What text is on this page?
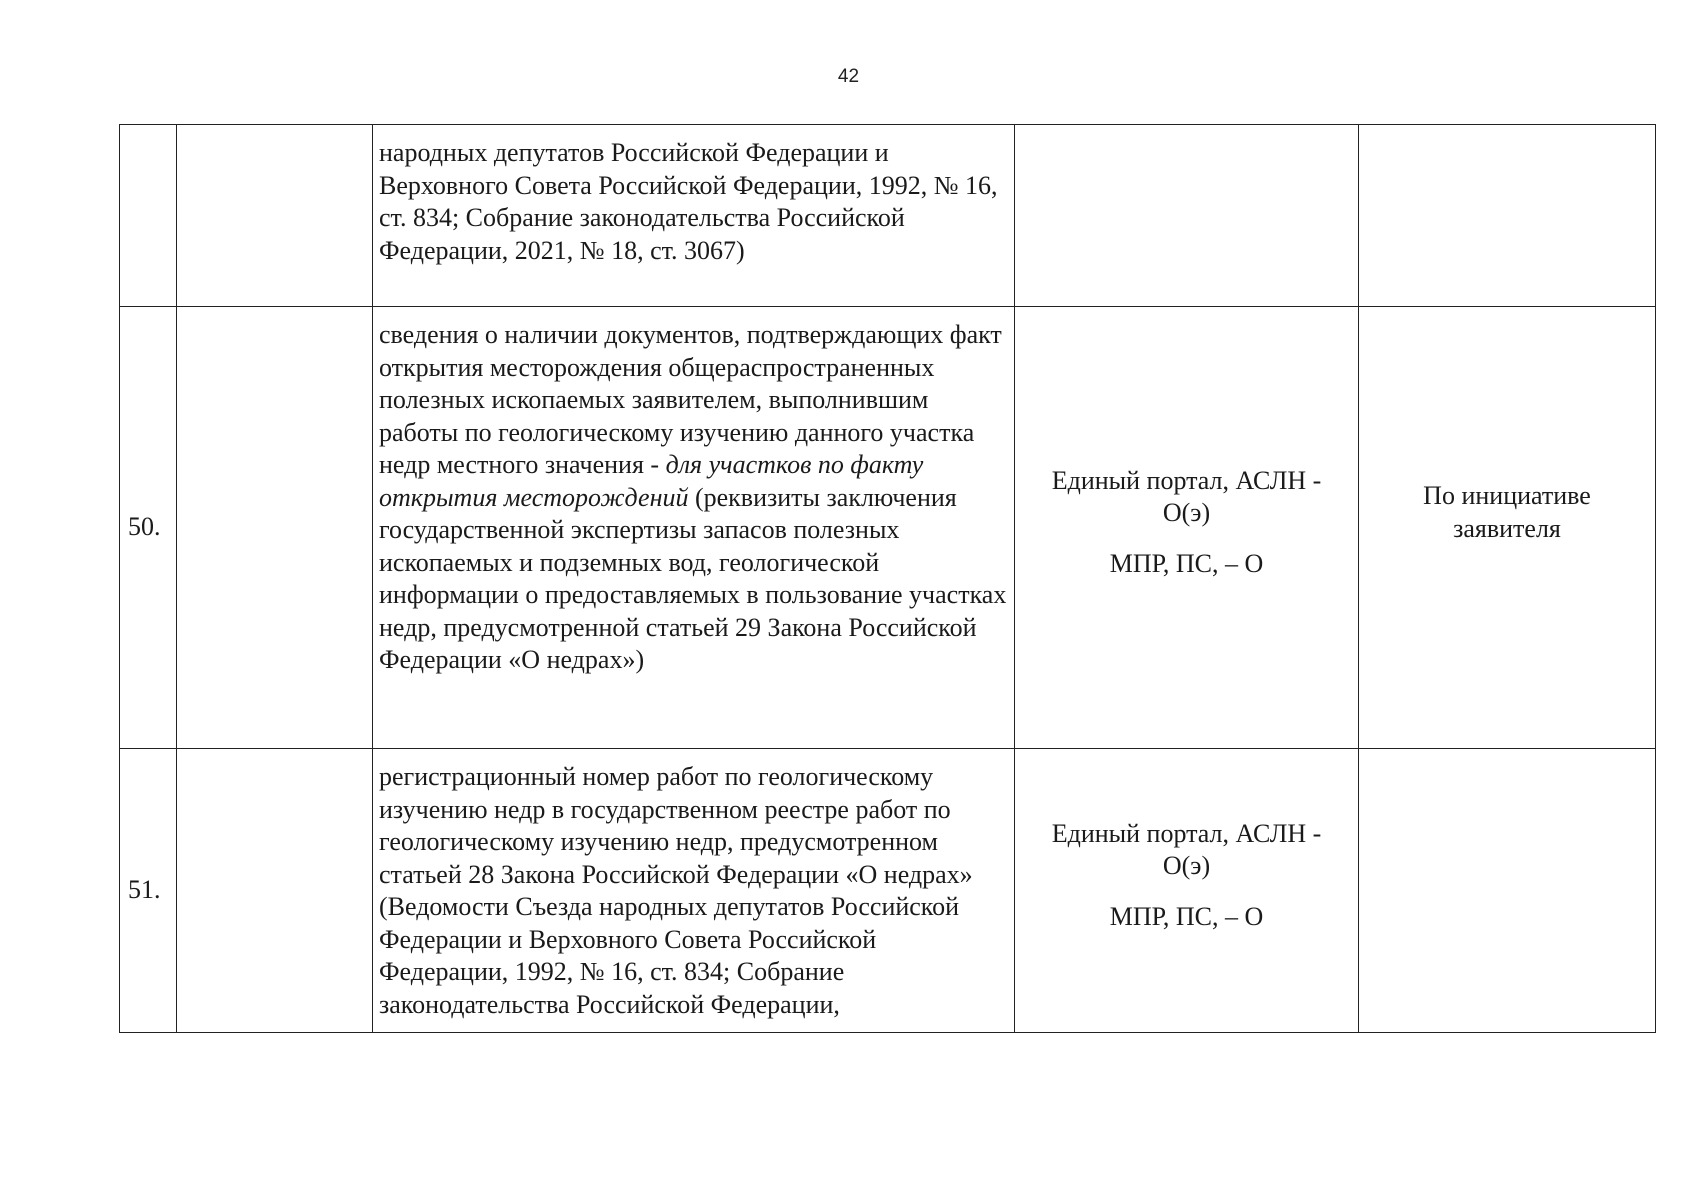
42
		народных депутатов Российской Федерации и Верховного Совета Российской Федерации, 1992, № 16, ст. 834; Собрание законодательства Российской Федерации, 2021, № 18, ст. 3067)	

50.		сведения о наличии документов, подтверждающих факт открытия месторождения общераспространенных полезных ископаемых заявителем, выполнившим работы по геологическому изучению данного участка недр местного значения - для участков по факту открытия месторождений (реквизиты заключения государственной экспертизы запасов полезных ископаемых и подземных вод, геологической информации о предоставляемых в пользование участках недр, предусмотренной статьей 29 Закона Российской Федерации «О недрах»)	Единый портал, АСЛН - О(э)
МПР, ПС, – О	По инициативе заявителя
51.		регистрационный номер работ по геологическому изучению недр в государственном реестре работ по геологическому изучению недр, предусмотренном статьей 28 Закона Российской Федерации «О недрах» (Ведомости Съезда народных депутатов Российской Федерации и Верховного Совета Российской Федерации, 1992, № 16, ст. 834; Собрание законодательства Российской Федерации,	Единый портал, АСЛН - О(э)
МПР, ПС, – О	
